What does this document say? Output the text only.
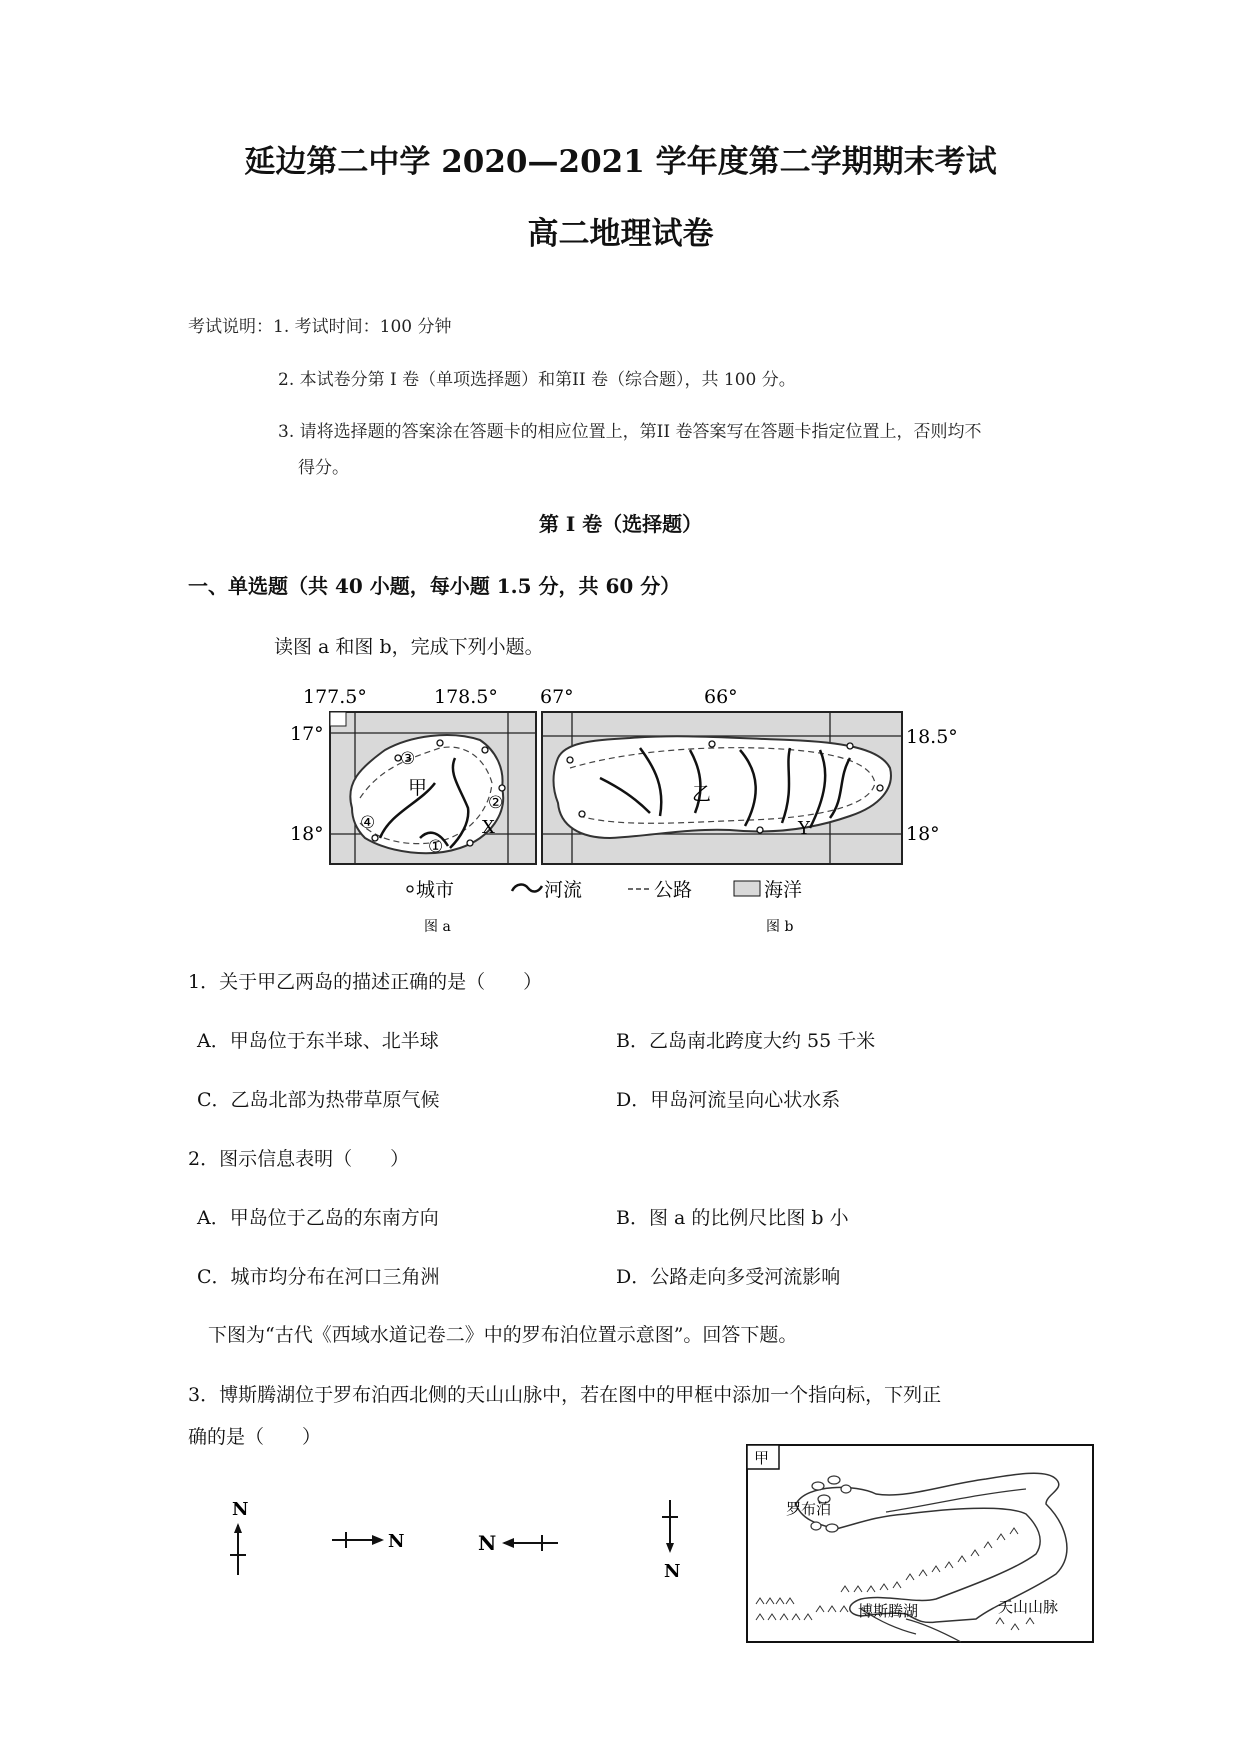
延边第二中学 2020—2021 学年度第二学期期末考试
高二地理试卷
考试说明：1. 考试时间：100 分钟
2. 本试卷分第 I 卷（单项选择题）和第II 卷（综合题），共 100 分。
3. 请将选择题的答案涂在答题卡的相应位置上，第II 卷答案写在答题卡指定位置上，否则均不
得分。
第 I 卷（选择题）
一、单选题（共 40 小题，每小题 1.5 分，共 60 分）
读图 a 和图 b，完成下列小题。
177.5°	178.5° 67°	66°
17°
18°
18.5°
18°
甲	乙
X	Y
③
②
④
①
城市	河流	公路	海洋
图 a	图 b
1．关于甲乙两岛的描述正确的是（　　）
A．甲岛位于东半球、北半球	B．乙岛南北跨度大约 55 千米
C．乙岛北部为热带草原气候	D．甲岛河流呈向心状水系
2．图示信息表明（　　）
A．甲岛位于乙岛的东南方向	B．图 a 的比例尺比图 b 小
C．城市均分布在河口三角洲	D．公路走向多受河流影响
下图为“古代《西域水道记卷二》中的罗布泊位置示意图”。回答下题。
3．博斯腾湖位于罗布泊西北侧的天山山脉中，若在图中的甲框中添加一个指向标，下列正
确的是（　　）
N
N	N
N
甲
罗布泊
博斯腾湖	天山山脉
